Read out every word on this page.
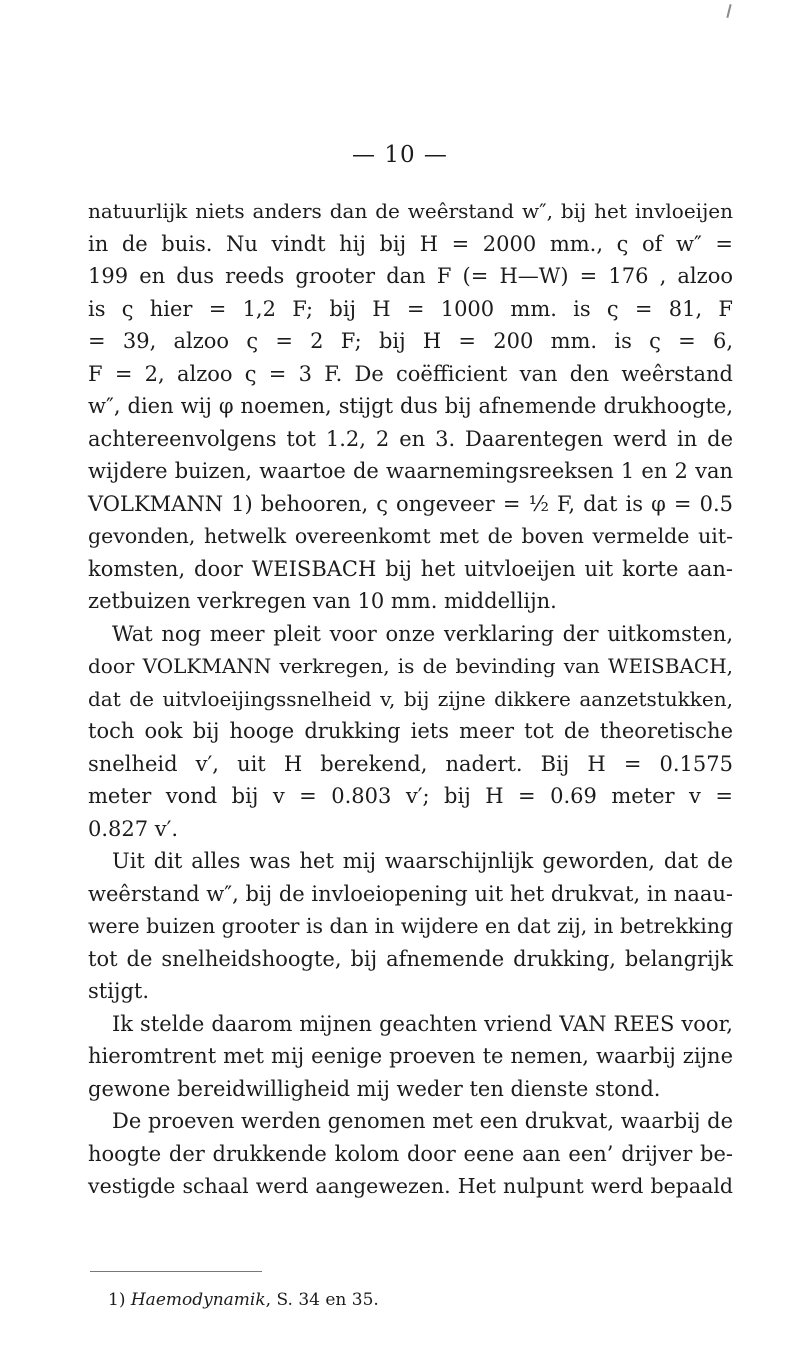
— 10 —
natuurlijk niets anders dan de weêrstand w″, bij het invloeijen
in de buis. Nu vindt hij bij H = 2000 mm., ς of w″ =
199 en dus reeds grooter dan F (= H—W) = 176 , alzoo
is ς hier = 1,2 F; bij H = 1000 mm. is ς = 81, F
= 39, alzoo ς = 2 F; bij H = 200 mm. is ς = 6,
F = 2, alzoo ς = 3 F. De coëfficient van den weêrstand
w″, dien wij φ noemen, stijgt dus bij afnemende drukhoogte,
achtereenvolgens tot 1.2, 2 en 3. Daarentegen werd in de
wijdere buizen, waartoe de waarnemingsreeksen 1 en 2 van
VOLKMANN 1) behooren, ς ongeveer = ½ F, dat is φ = 0.5
gevonden, hetwelk overeenkomt met de boven vermelde uit-
komsten, door WEISBACH bij het uitvloeijen uit korte aan-
zetbuizen verkregen van 10 mm. middellijn.
Wat nog meer pleit voor onze verklaring der uitkomsten,
door VOLKMANN verkregen, is de bevinding van WEISBACH,
dat de uitvloeijingssnelheid v, bij zijne dikkere aanzetstukken,
toch ook bij hooge drukking iets meer tot de theoretische
snelheid v′, uit H berekend, nadert. Bij H = 0.1575
meter vond bij v = 0.803 v′; bij H = 0.69 meter v =
0.827 v′.
Uit dit alles was het mij waarschijnlijk geworden, dat de
weêrstand w″, bij de invloeiopening uit het drukvat, in naau-
were buizen grooter is dan in wijdere en dat zij, in betrekking
tot de snelheidshoogte, bij afnemende drukking, belangrijk
stijgt.
Ik stelde daarom mijnen geachten vriend VAN REES voor,
hieromtrent met mij eenige proeven te nemen, waarbij zijne
gewone bereidwilligheid mij weder ten dienste stond.
De proeven werden genomen met een drukvat, waarbij de
hoogte der drukkende kolom door eene aan een’ drijver be-
vestigde schaal werd aangewezen. Het nulpunt werd bepaald
1) Haemodynamik, S. 34 en 35.
